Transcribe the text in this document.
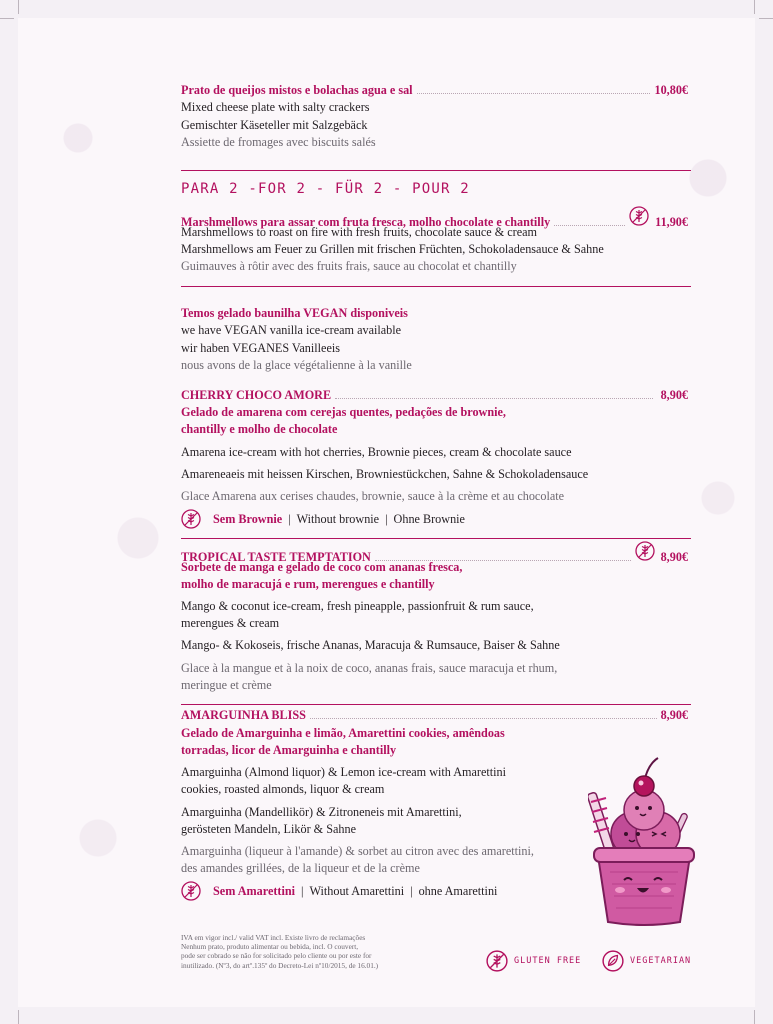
Prato de queijos mistos e bolachas agua e sal	10,80€
Mixed cheese plate with salty crackers
Gemischter Käseteller mit Salzgebäck
Assiette de fromages avec biscuits salés
PARA 2 -FOR 2 - FÜR 2 - POUR 2
Marshmellows para assar com fruta fresca, molho chocolate e chantilly	11,90€
Marshmellows to roast on fire with fresh fruits, chocolate sauce & cream
Marshmellows am Feuer zu Grillen mit frischen Früchten, Schokoladensauce & Sahne
Guimauves à rôtir avec des fruits frais, sauce au chocolat et chantilly
Temos gelado baunilha VEGAN disponiveis
we have VEGAN vanilla ice-cream available
wir haben VEGANES Vanilleeis
nous avons de la glace végétalienne à la vanille
CHERRY CHOCO AMORE	8,90€
Gelado de amarena com cerejas quentes, pedações de brownie,
chantilly e molho de chocolate
Amarena ice-cream with hot cherries, Brownie pieces, cream & chocolate sauce
Amareneaeis mit heissen Kirschen, Browniestückchen, Sahne & Schokoladensauce
Glace Amarena aux cerises chaudes, brownie, sauce à la crème et au chocolate
Sem Brownie | Without brownie | Ohne Brownie
TROPICAL TASTE TEMPTATION	8,90€
Sorbete de manga e gelado de coco com ananas fresca,
molho de maracujá e rum, merengues e chantilly
Mango & coconut ice-cream, fresh pineapple, passionfruit & rum sauce,
merengues & cream
Mango- & Kokoseis, frische Ananas, Maracuja & Rumsauce, Baiser & Sahne
Glace à la mangue et à la noix de coco, ananas frais, sauce maracuja et rhum,
meringue et crème
AMARGUINHA BLISS	8,90€
Gelado de Amarguinha e limão, Amarettini cookies, amêndoas
torradas, licor de Amarguinha e chantilly
Amarguinha (Almond liquor) & Lemon ice-cream with Amarettini
cookies, roasted almonds, liquor & cream
Amarguinha (Mandellikör) & Zitroneneis mit Amarettini,
gerösteten Mandeln, Likör & Sahne
Amarguinha (liqueur à l'amande) & sorbet au citron avec des amarettini,
des amandes grillées, de la liqueur et de la crème
Sem Amarettini | Without Amarettini | ohne Amarettini
IVA em vigor incl./ valid VAT incl. Existe livro de reclamações
Nenhum prato, produto alimentar ou bebida, incl. O couvert,
pode ser cobrado se não for solicitado pelo cliente ou por este for
inutilizado. (Nº3, do artº.135º do Decreto-Lei nº10/2015, de 16.01.)	GLUTEN FREE	VEGETARIAN
